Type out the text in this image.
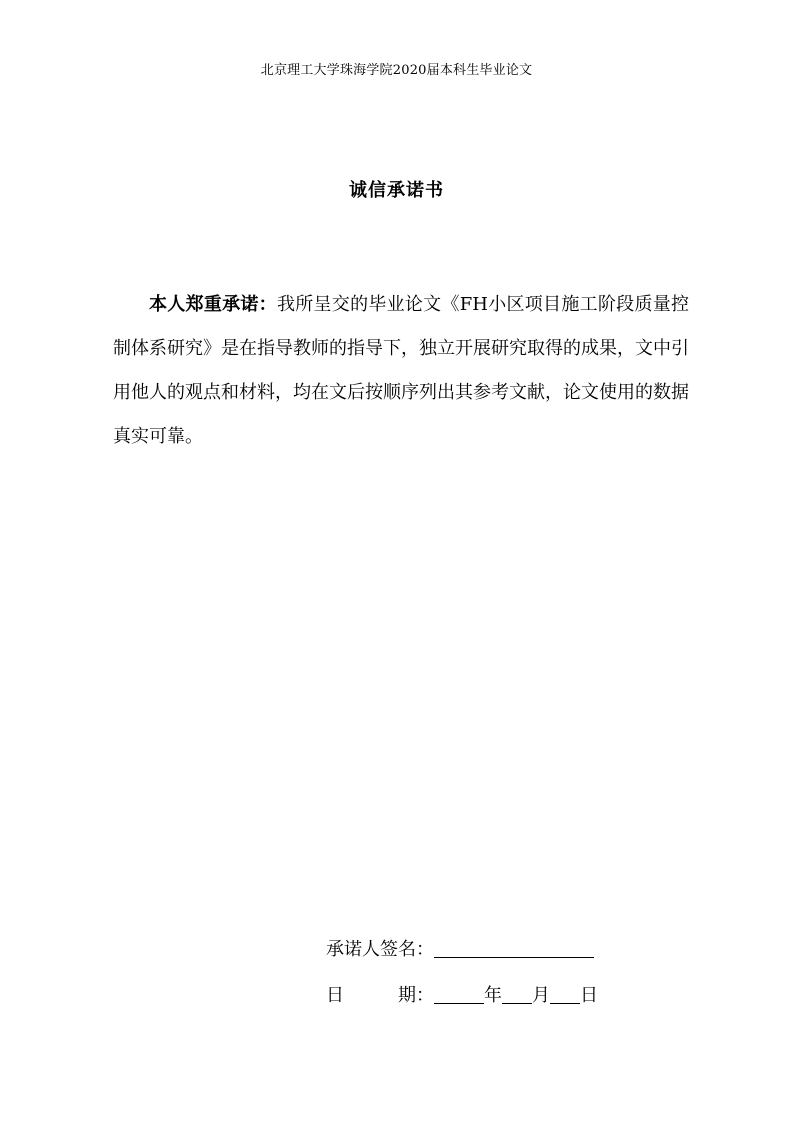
北京理工大学珠海学院2020届本科生毕业论文
诚信承诺书
本人郑重承诺：我所呈交的毕业论文《FH小区项目施工阶段质量控制体系研究》是在指导教师的指导下，独立开展研究取得的成果，文中引用他人的观点和材料，均在文后按顺序列出其参考文献，论文使用的数据真实可靠。
承诺人签名：
日	期：	年 月 日
